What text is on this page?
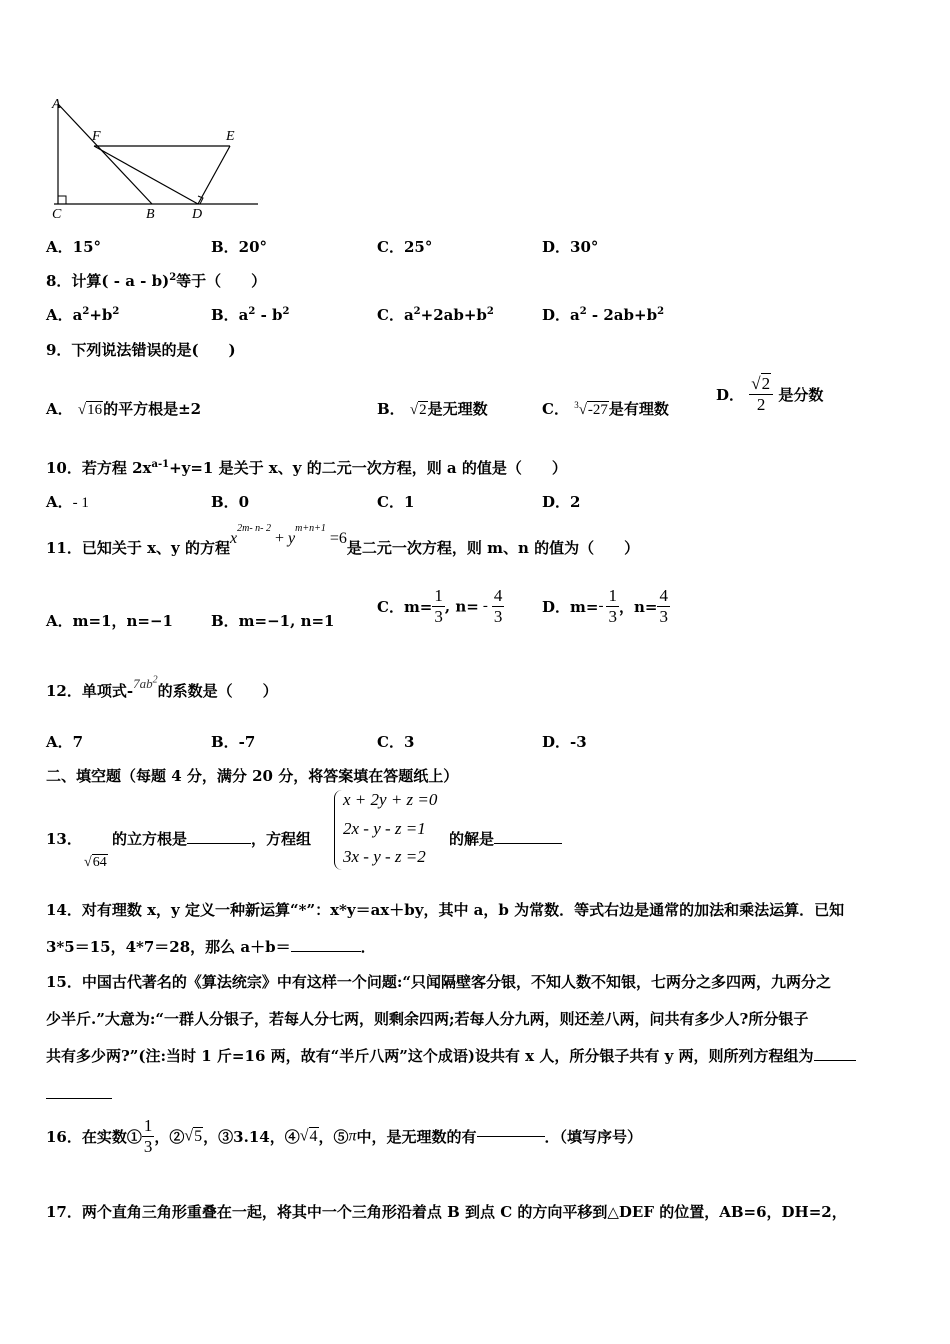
A
F	E
C	B	D
A．15°	B．20°	C．25°	D．30°
8．计算( - a - b)$^2$等于（　　）
A．$a^2+b^2$	B．$a^2 - b^2$	C．$a^2+2ab+b^2$	D．$a^2 - 2ab+b^2$
9．下列说法错误的是(　　)
A． √16的平方根是±2	B． √2是无理数	C． $^3$√-27是有理数
D． $\frac{√2}{2}$ 是分数
10．若方程 $2x^{a-1}+y=1$ 是关于 x、y 的二元一次方程，则 a 的值是（　　）
A．- 1	B．0	C．1	D．2
11．已知关于 x、y 的方程$x^{2m- n- 2} + y^{m+n+1} =6$是二元一次方程，则 m、n 的值为（　　）
A．m=1，n=−1	B．m=−1, n=1
C．$m= \frac{1}{3}$ , $n= - \frac{4}{3}$	D．$m=- \frac{1}{3}$ ，$n= \frac{4}{3}$
12．单项式$-7ab^2$的系数是（　　）
A．7	B．-7	C．3	D．-3
二、填空题（每题 4 分，满分 20 分，将答案填在答题纸上）
13．
√64
的立方根是	，方程组
x + 2y + z =0
2x - y - z =1
3x - y - z =2
的解是
14．对有理数 x，y 定义一种新运算“*”：x*y＝ax＋by，其中 a，b 为常数．等式右边是通常的加法和乘法运算．已知
3*5＝15，4*7＝28，那么 a＋b＝	．
15．中国古代著名的《算法统宗》中有这样一个问题:“只闻隔壁客分银，不知人数不知银，七两分之多四两，九两分之
少半斤.”大意为:“一群人分银子，若每人分七两，则剩余四两;若每人分九两，则还差八两，问共有多少人?所分银子
共有多少两?”(注:当时 1 斤=16 两，故有“半斤八两”这个成语)设共有 x 人，所分银子共有 y 两，则所列方程组为
16．在实数① $\frac{1}{3}$ ，②√5，③3.14，④√4，⑤π中，是无理数的有	．（填写序号）
17．两个直角三角形重叠在一起，将其中一个三角形沿着点 B 到点 C 的方向平移到△DEF 的位置，AB=6，DH=2，
